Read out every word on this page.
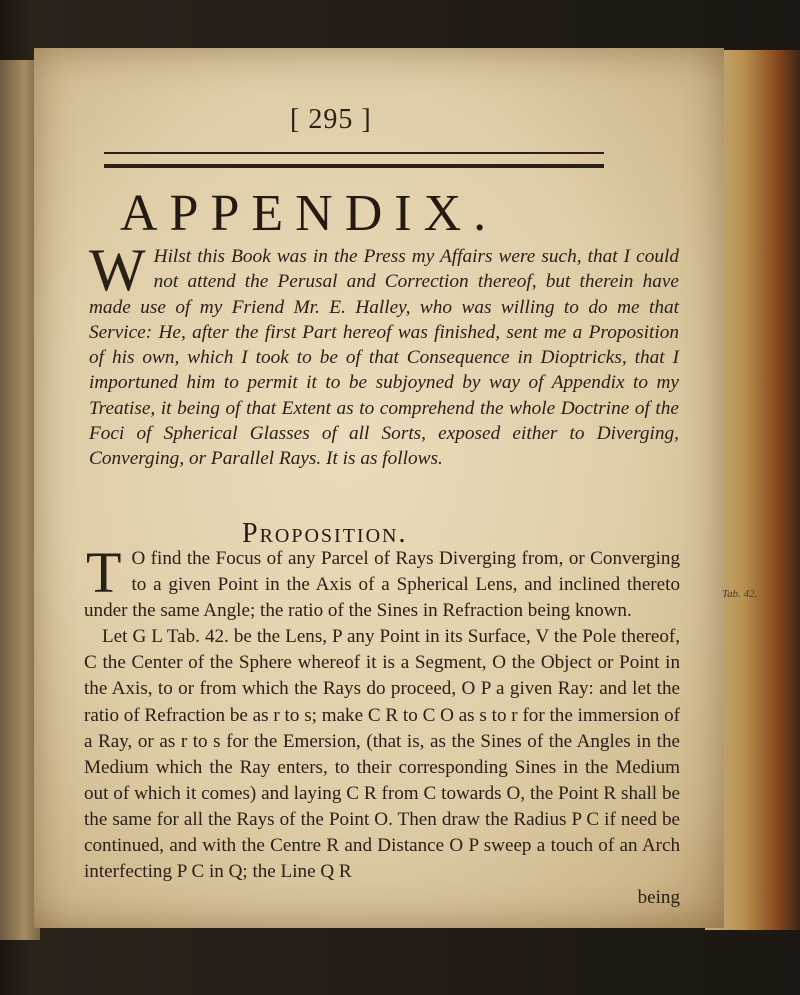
[ 295 ]
APPENDIX.
W Hilst this Book was in the Press my Affairs were such, that I could not attend the Perusal and Correction thereof, but therein have made use of my Friend Mr. E. Halley, who was willing to do me that Service: He, after the first Part hereof was finished, sent me a Proposition of his own, which I took to be of that Consequence in Dioptricks, that I importuned him to permit it to be subjoyned by way of Appendix to my Treatise, it being of that Extent as to comprehend the whole Doctrine of the Foci of Spherical Glasses of all Sorts, exposed either to Diverging, Converging, or Parallel Rays. It is as follows.
Proposition.

T O find the Focus of any Parcel of Rays Diverging from, or Converging to a given Point in the Axis of a Spherical Lens, and inclined thereto under the same Angle; the ratio of the Sines in Refraction being known.

Let G L Tab. 42. be the Lens, P any Point in its Surface, V the Pole thereof, C the Center of the Sphere whereof it is a Segment, O the Object or Point in the Axis, to or from which the Rays do proceed, O P a given Ray: and let the ratio of Refraction be as r to s; make C R to C O as s to r for the immersion of a Ray, or as r to s for the Emersion, (that is, as the Sines of the Angles in the Medium which the Ray enters, to their corresponding Sines in the Medium out of which it comes) and laying C R from C towards O, the Point R shall be the same for all the Rays of the Point O. Then draw the Radius P C if need be continued, and with the Centre R and Distance O P sweep a touch of an Arch interfecting P C in Q; the Line Q R

being

Tab. 42.
